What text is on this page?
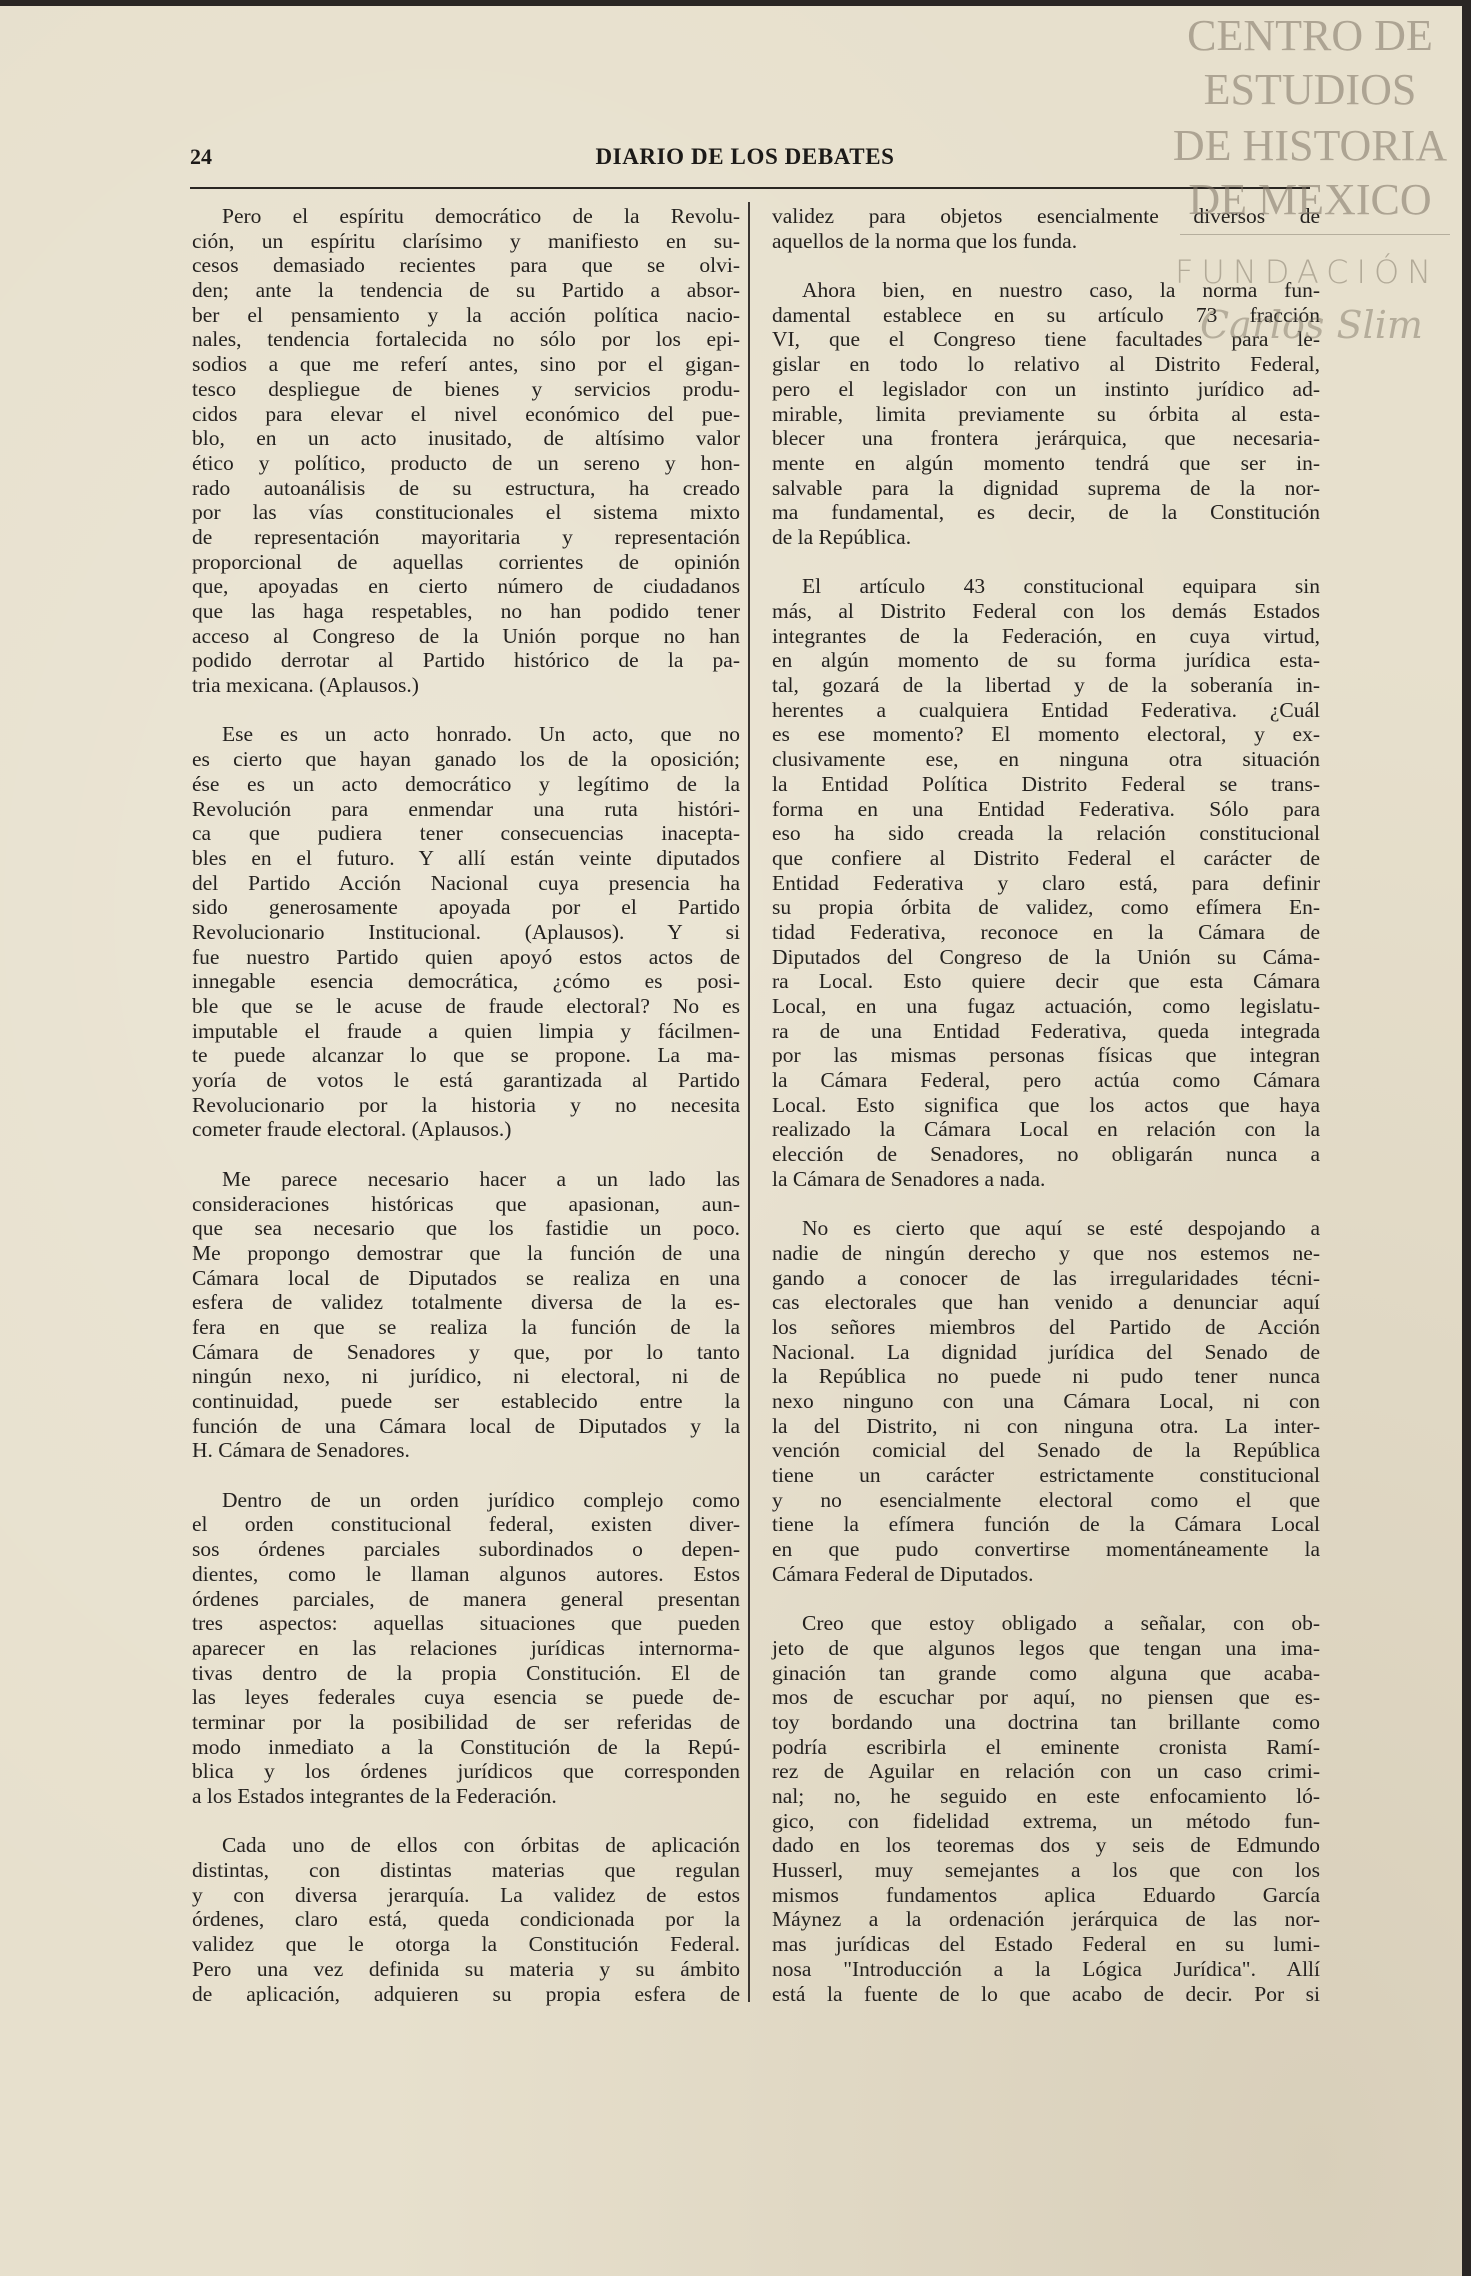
24	DIARIO DE LOS DEBATES
Pero el espíritu democrático de la Revolu-
ción, un espíritu clarísimo y manifiesto en su-
cesos demasiado recientes para que se olvi-
den; ante la tendencia de su Partido a absor-
ber el pensamiento y la acción política nacio-
nales, tendencia fortalecida no sólo por los epi-
sodios a que me referí antes, sino por el gigan-
tesco despliegue de bienes y servicios produ-
cidos para elevar el nivel económico del pue-
blo, en un acto inusitado, de altísimo valor
ético y político, producto de un sereno y hon-
rado autoanálisis de su estructura, ha creado
por las vías constitucionales el sistema mixto
de representación mayoritaria y representación
proporcional de aquellas corrientes de opinión
que, apoyadas en cierto número de ciudadanos
que las haga respetables, no han podido tener
acceso al Congreso de la Unión porque no han
podido derrotar al Partido histórico de la pa-
tria mexicana. (Aplausos.)
Ese es un acto honrado. Un acto, que no
es cierto que hayan ganado los de la oposición;
ése es un acto democrático y legítimo de la
Revolución para enmendar una ruta históri-
ca que pudiera tener consecuencias inacepta-
bles en el futuro. Y allí están veinte diputados
del Partido Acción Nacional cuya presencia ha
sido generosamente apoyada por el Partido
Revolucionario Institucional. (Aplausos). Y si
fue nuestro Partido quien apoyó estos actos de
innegable esencia democrática, ¿cómo es posi-
ble que se le acuse de fraude electoral? No es
imputable el fraude a quien limpia y fácilmen-
te puede alcanzar lo que se propone. La ma-
yoría de votos le está garantizada al Partido
Revolucionario por la historia y no necesita
cometer fraude electoral. (Aplausos.)
Me parece necesario hacer a un lado las
consideraciones históricas que apasionan, aun-
que sea necesario que los fastidie un poco.
Me propongo demostrar que la función de una
Cámara local de Diputados se realiza en una
esfera de validez totalmente diversa de la es-
fera en que se realiza la función de la
Cámara de Senadores y que, por lo tanto
ningún nexo, ni jurídico, ni electoral, ni de
continuidad, puede ser establecido entre la
función de una Cámara local de Diputados y la
H. Cámara de Senadores.
Dentro de un orden jurídico complejo como
el orden constitucional federal, existen diver-
sos órdenes parciales subordinados o depen-
dientes, como le llaman algunos autores. Estos
órdenes parciales, de manera general presentan
tres aspectos: aquellas situaciones que pueden
aparecer en las relaciones jurídicas internorma-
tivas dentro de la propia Constitución. El de
las leyes federales cuya esencia se puede de-
terminar por la posibilidad de ser referidas de
modo inmediato a la Constitución de la Repú-
blica y los órdenes jurídicos que corresponden
a los Estados integrantes de la Federación.
Cada uno de ellos con órbitas de aplicación
distintas, con distintas materias que regulan
y con diversa jerarquía. La validez de estos
órdenes, claro está, queda condicionada por la
validez que le otorga la Constitución Federal.
Pero una vez definida su materia y su ámbito
de aplicación, adquieren su propia esfera de
validez para objetos esencialmente diversos de
aquellos de la norma que los funda.
Ahora bien, en nuestro caso, la norma fun-
damental establece en su artículo 73 fracción
VI, que el Congreso tiene facultades para le-
gislar en todo lo relativo al Distrito Federal,
pero el legislador con un instinto jurídico ad-
mirable, limita previamente su órbita al esta-
blecer una frontera jerárquica, que necesaria-
mente en algún momento tendrá que ser in-
salvable para la dignidad suprema de la nor-
ma fundamental, es decir, de la Constitución
de la República.
El artículo 43 constitucional equipara sin
más, al Distrito Federal con los demás Estados
integrantes de la Federación, en cuya virtud,
en algún momento de su forma jurídica esta-
tal, gozará de la libertad y de la soberanía in-
herentes a cualquiera Entidad Federativa. ¿Cuál
es ese momento? El momento electoral, y ex-
clusivamente ese, en ninguna otra situación
la Entidad Política Distrito Federal se trans-
forma en una Entidad Federativa. Sólo para
eso ha sido creada la relación constitucional
que confiere al Distrito Federal el carácter de
Entidad Federativa y claro está, para definir
su propia órbita de validez, como efímera En-
tidad Federativa, reconoce en la Cámara de
Diputados del Congreso de la Unión su Cáma-
ra Local. Esto quiere decir que esta Cámara
Local, en una fugaz actuación, como legislatu-
ra de una Entidad Federativa, queda integrada
por las mismas personas físicas que integran
la Cámara Federal, pero actúa como Cámara
Local. Esto significa que los actos que haya
realizado la Cámara Local en relación con la
elección de Senadores, no obligarán nunca a
la Cámara de Senadores a nada.
No es cierto que aquí se esté despojando a
nadie de ningún derecho y que nos estemos ne-
gando a conocer de las irregularidades técni-
cas electorales que han venido a denunciar aquí
los señores miembros del Partido de Acción
Nacional. La dignidad jurídica del Senado de
la República no puede ni pudo tener nunca
nexo ninguno con una Cámara Local, ni con
la del Distrito, ni con ninguna otra. La inter-
vención comicial del Senado de la República
tiene un carácter estrictamente constitucional
y no esencialmente electoral como el que
tiene la efímera función de la Cámara Local
en que pudo convertirse momentáneamente la
Cámara Federal de Diputados.
Creo que estoy obligado a señalar, con ob-
jeto de que algunos legos que tengan una ima-
ginación tan grande como alguna que acaba-
mos de escuchar por aquí, no piensen que es-
toy bordando una doctrina tan brillante como
podría escribirla el eminente cronista Ramí-
rez de Aguilar en relación con un caso crimi-
nal; no, he seguido en este enfocamiento ló-
gico, con fidelidad extrema, un método fun-
dado en los teoremas dos y seis de Edmundo
Husserl, muy semejantes a los que con los
mismos fundamentos aplica Eduardo García
Máynez a la ordenación jerárquica de las nor-
mas jurídicas del Estado Federal en su lumi-
nosa "Introducción a la Lógica Jurídica". Allí
está la fuente de lo que acabo de decir. Por si
CENTRO DE
ESTUDIOS
DE HISTORIA
DE MEXICO
FUNDACIÓN
Carlos Slim
